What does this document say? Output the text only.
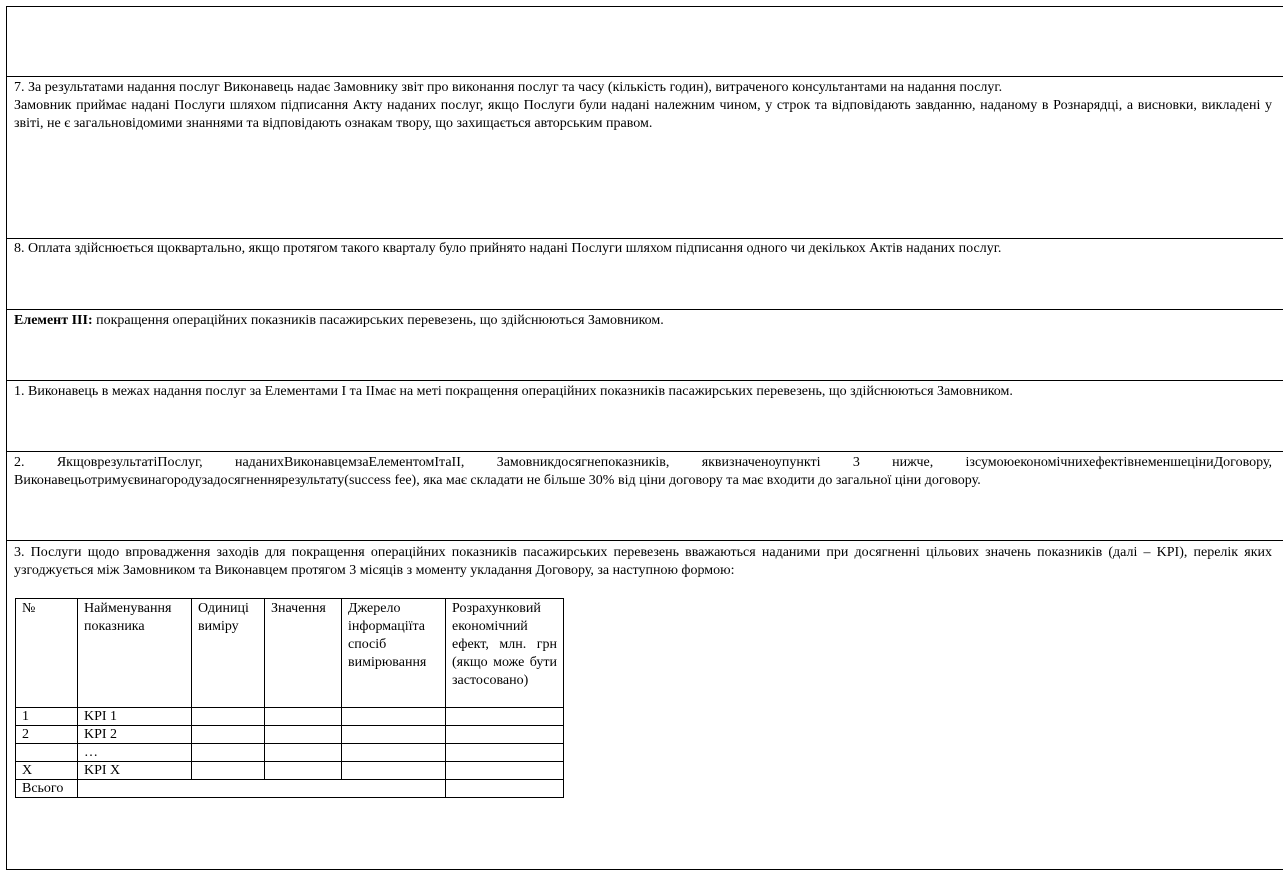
7. За результатами надання послуг Виконавець надає Замовнику звіт про виконання послуг та часу (кількість годин), витраченого консультантами на надання послуг.

Замовник приймає надані Послуги шляхом підписання Акту наданих послуг, якщо Послуги були надані належним чином, у строк та відповідають завданню, наданому в Рознарядці, а висновки, викладені у звіті, не є загальновідомими знаннями та відповідають ознакам твору, що захищається авторським правом.

8. Оплата здійснюється щоквартально, якщо протягом такого кварталу було прийнято надані Послуги шляхом підписання одного чи декількох Актів наданих послуг.

Елемент ІІІ: покращення операційних показників пасажирських перевезень, що здійснюються Замовником.

1. Виконавець в межах надання послуг за Елементами І та ІІмає на меті покращення операційних показників пасажирських перевезень, що здійснюються Замовником.

2. ЯкщоврезультатіПослуг, наданихВиконавцемзаЕлементомІтаІІ, Замовникдосягнепоказників, яквизначеноупункті 3 нижче, ізсумоюекономічнихефектівнеменшеціниДоговору, Виконавецьотримуєвинагородузадосягненнярезультату(success fee), яка має складати не більше 30% від ціни договору та має входити до загальної ціни договору.

3. Послуги щодо впровадження заходів для покращення операційних показників пасажирських перевезень вважаються наданими при досягненні цільових значень показників (далі – KPI), перелік яких узгоджується між Замовником та Виконавцем протягом 3 місяців з моменту укладання Договору, за наступною формою:

№	Найменування показника	Одиниці виміру	Значення	Джерело інформаціїта спосіб вимірювання	Розрахунковий економічний ефект, млн. грн (якщо може бути застосовано)
1	KPI 1				
2	KPI 2				
	…				
X	KPI X				
Всього					
